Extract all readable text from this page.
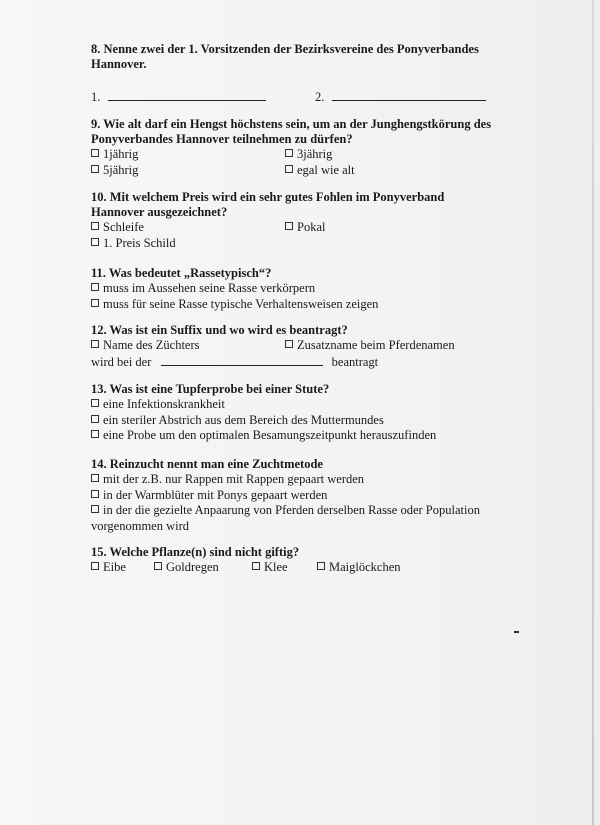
8. Nenne zwei der 1. Vorsitzenden der Bezirksvereine des Ponyverbandes Hannover.
1.	2.
9. Wie alt darf ein Hengst höchstens sein, um an der Junghengstkörung des Ponyverbandes Hannover teilnehmen zu dürfen?
1jährig	3jährig
5jährig	egal wie alt
10. Mit welchem Preis wird ein sehr gutes Fohlen im Ponyverband Hannover ausgezeichnet?
Schleife	Pokal
1. Preis Schild
11. Was bedeutet „Rassetypisch“?
muss im Aussehen seine Rasse verkörpern
muss für seine Rasse typische Verhaltensweisen zeigen
12. Was ist ein Suffix und wo wird es beantragt?
Name des Züchters	Zusatzname beim Pferdenamen
wird bei der	beantragt
13. Was ist eine Tupferprobe bei einer Stute?
eine Infektionskrankheit
ein steriler Abstrich aus dem Bereich des Muttermundes
eine Probe um den optimalen Besamungszeitpunkt herauszufinden
14. Reinzucht nennt man eine Zuchtmetode
mit der z.B. nur Rappen mit Rappen gepaart werden
in der Warmblüter mit Ponys gepaart werden
in der die gezielte Anpaarung von Pferden derselben Rasse oder Population
vorgenommen wird
15. Welche Pflanze(n) sind nicht giftig?
Eibe	Goldregen	Klee	Maiglöckchen
